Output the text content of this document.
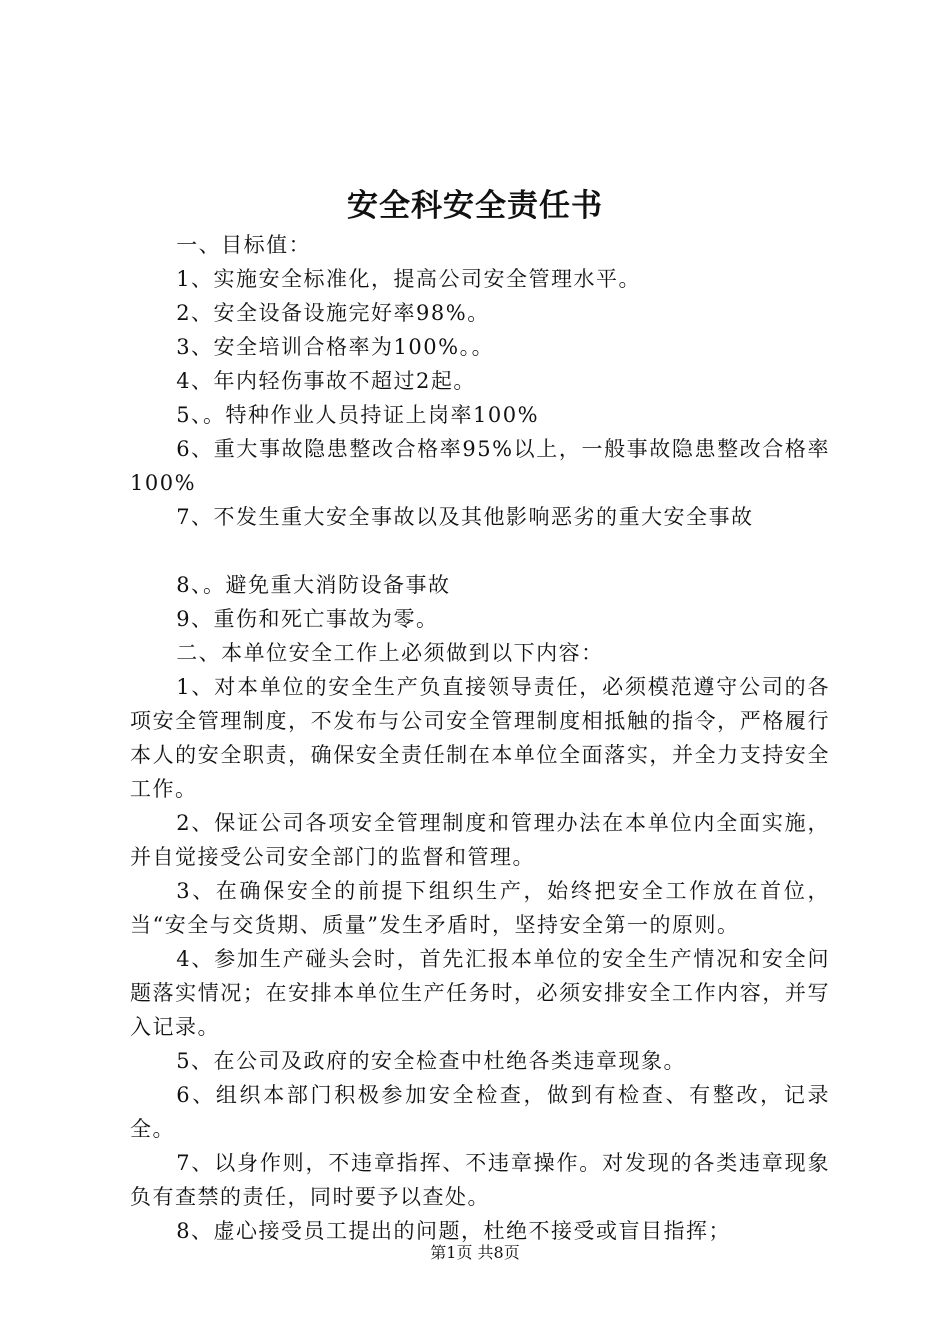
安全科安全责任书

一、目标值：

1、实施安全标准化，提高公司安全管理水平。

2、安全设备设施完好率98%。

3、安全培训合格率为100%。。

4、年内轻伤事故不超过2起。

5、。特种作业人员持证上岗率100%

6、重大事故隐患整改合格率95%以上，一般事故隐患整改合格率100%

7、不发生重大安全事故以及其他影响恶劣的重大安全事故

8、。避免重大消防设备事故

9、重伤和死亡事故为零。

二、本单位安全工作上必须做到以下内容：

1、对本单位的安全生产负直接领导责任，必须模范遵守公司的各项安全管理制度，不发布与公司安全管理制度相抵触的指令，严格履行本人的安全职责，确保安全责任制在本单位全面落实，并全力支持安全工作。

2、保证公司各项安全管理制度和管理办法在本单位内全面实施，并自觉接受公司安全部门的监督和管理。

3、在确保安全的前提下组织生产，始终把安全工作放在首位，当“安全与交货期、质量”发生矛盾时，坚持安全第一的原则。

4、参加生产碰头会时，首先汇报本单位的安全生产情况和安全问题落实情况；在安排本单位生产任务时，必须安排安全工作内容，并写入记录。

5、在公司及政府的安全检查中杜绝各类违章现象。

6、组织本部门积极参加安全检查，做到有检查、有整改，记录全。

7、以身作则，不违章指挥、不违章操作。对发现的各类违章现象负有查禁的责任，同时要予以查处。

8、虚心接受员工提出的问题，杜绝不接受或盲目指挥；

第1页 共8页
